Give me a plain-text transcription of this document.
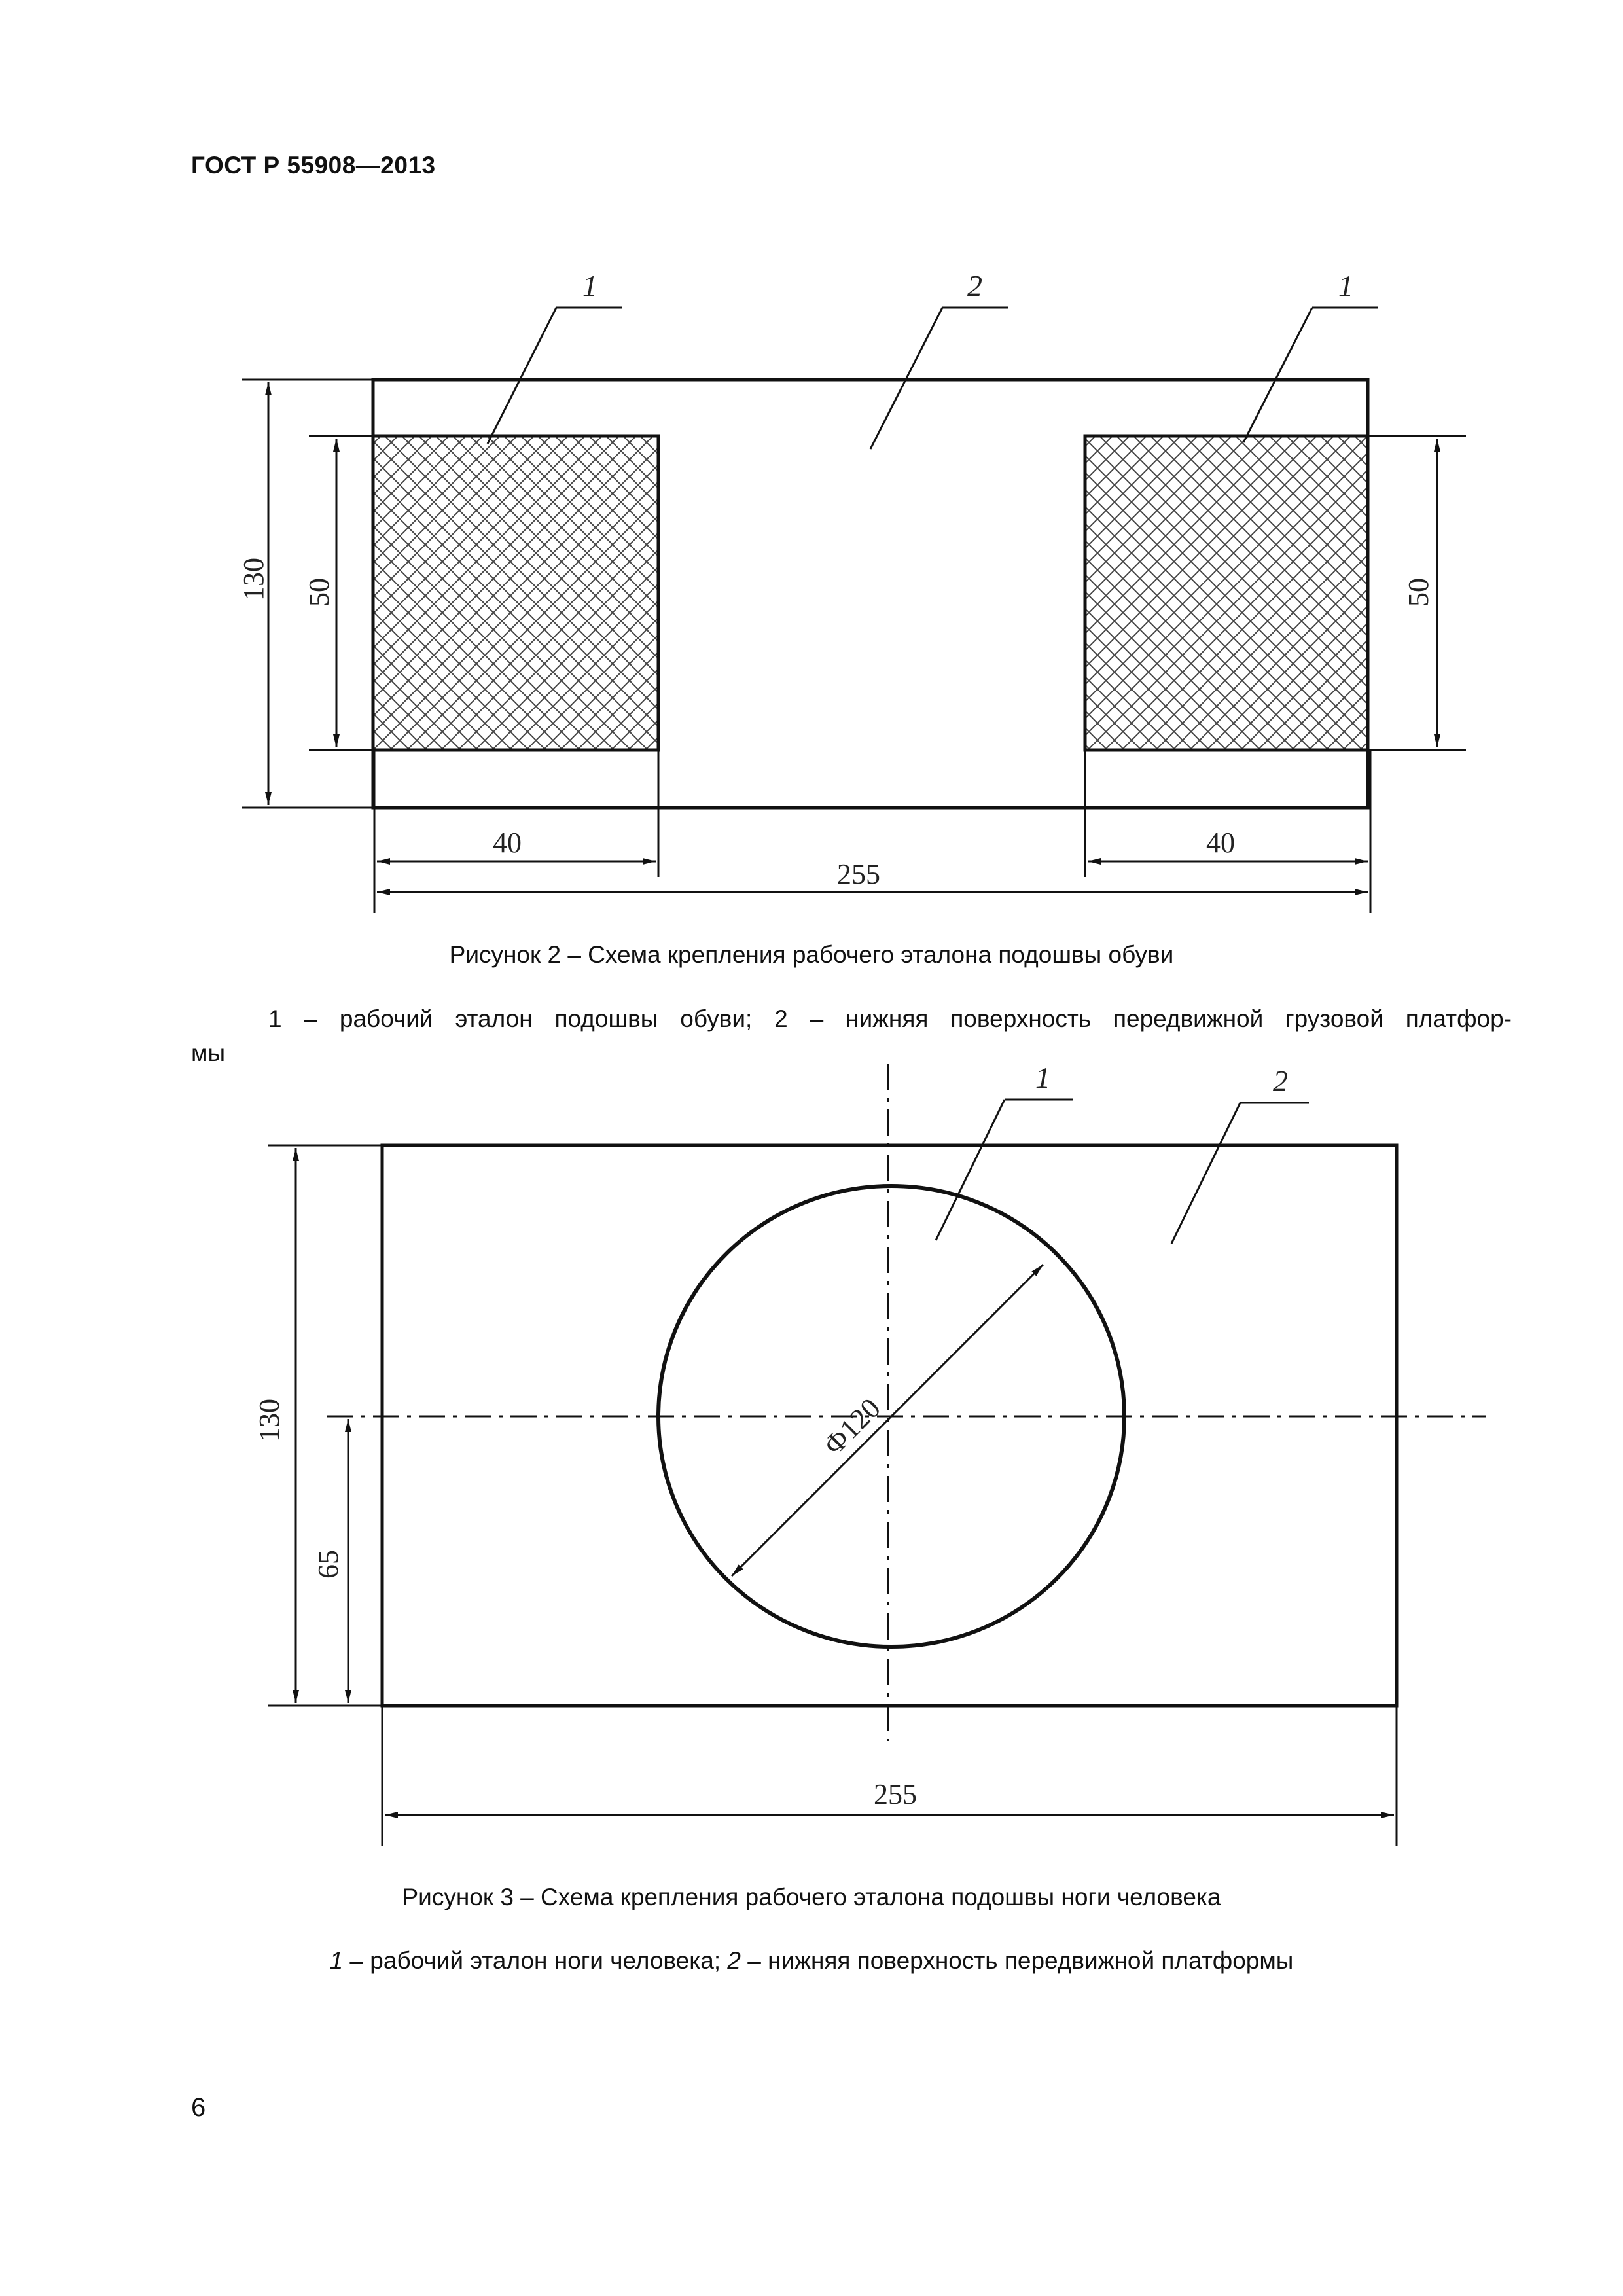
ГОСТ Р 55908—2013
1	2	1
130 50	50
40	40
255
Ф120
1	2
130
65
255
Рисунок 2 – Схема крепления рабочего эталона подошвы обуви
1 – рабочий эталон подошвы обуви; 2 – нижняя поверхность передвижной грузовой платфор-
мы
Рисунок 3 – Схема крепления рабочего эталона подошвы ноги человека
1 – рабочий эталон ноги человека; 2 – нижняя поверхность передвижной платформы
6
